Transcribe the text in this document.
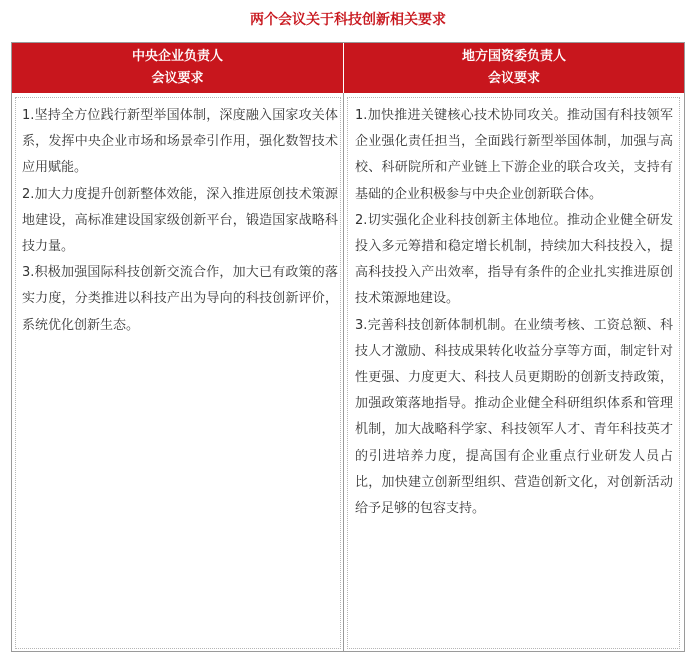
两个会议关于科技创新相关要求
中央企业负责人
会议要求
地方国资委负责人
会议要求

1.坚持全方位践行新型举国体制，深度融入国家攻关体系，发挥中央企业市场和场景牵引作用，强化数智技术应用赋能。

2.加大力度提升创新整体效能，深入推进原创技术策源地建设，高标准建设国家级创新平台，锻造国家战略科技力量。

3.积极加强国际科技创新交流合作，加大已有政策的落实力度，分类推进以科技产出为导向的科技创新评价，系统优化创新生态。

1.加快推进关键核心技术协同攻关。推动国有科技领军企业强化责任担当，全面践行新型举国体制，加强与高校、科研院所和产业链上下游企业的联合攻关，支持有基础的企业积极参与中央企业创新联合体。

2.切实强化企业科技创新主体地位。推动企业健全研发投入多元筹措和稳定增长机制，持续加大科技投入，提高科技投入产出效率，指导有条件的企业扎实推进原创技术策源地建设。

3.完善科技创新体制机制。在业绩考核、工资总额、科技人才激励、科技成果转化收益分享等方面，制定针对性更强、力度更大、科技人员更期盼的创新支持政策，加强政策落地指导。推动企业健全科研组织体系和管理机制，加大战略科学家、科技领军人才、青年科技英才的引进培养力度，提高国有企业重点行业研发人员占比，加快建立创新型组织、营造创新文化，对创新活动给予足够的包容支持。
